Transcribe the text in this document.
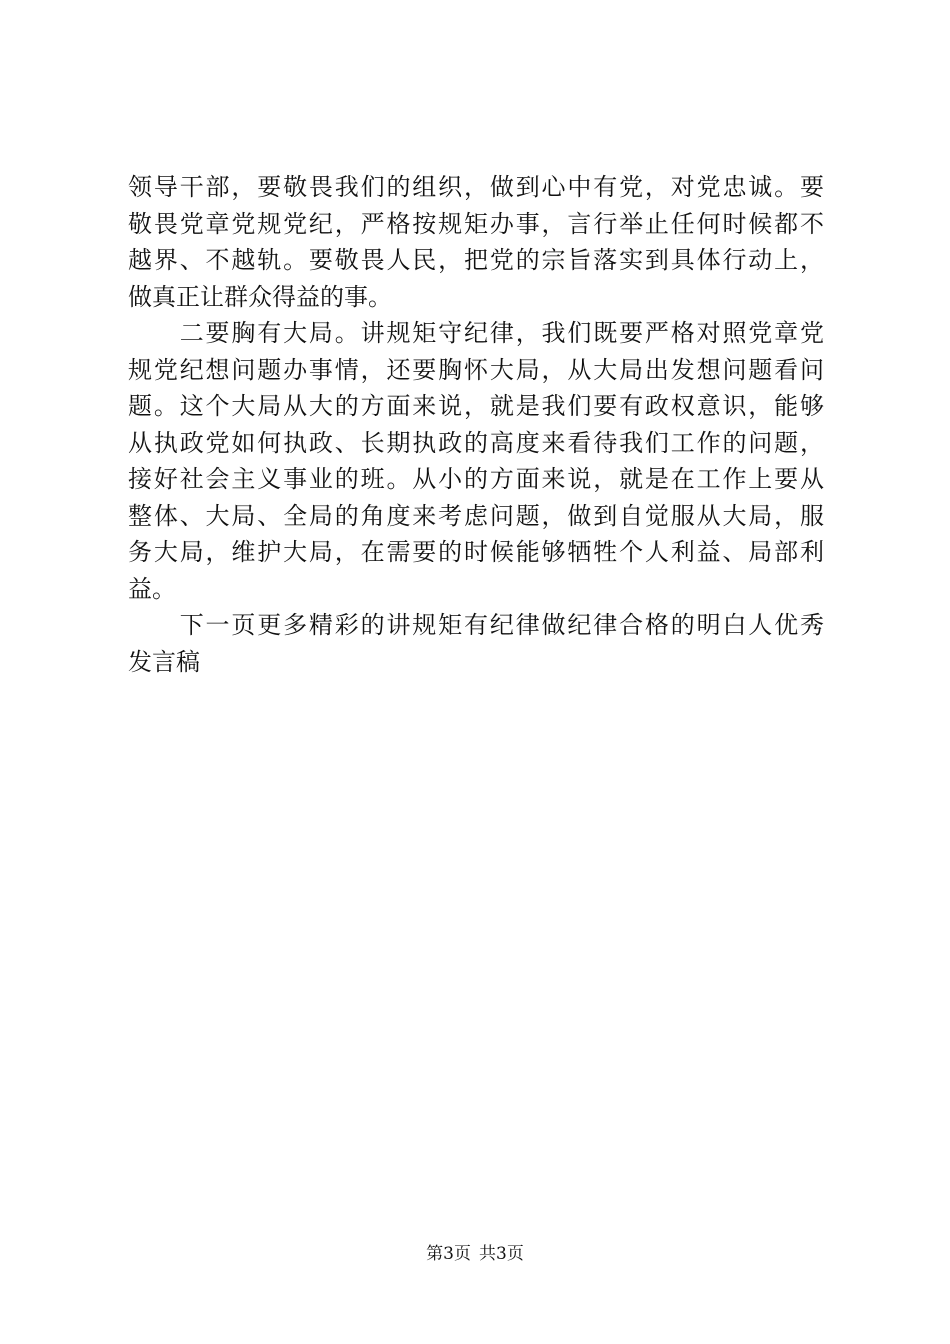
领导干部，要敬畏我们的组织，做到心中有党，对党忠诚。要
敬畏党章党规党纪，严格按规矩办事，言行举止任何时候都不
越界、不越轨。要敬畏人民，把党的宗旨落实到具体行动上，
做真正让群众得益的事。
　　二要胸有大局。讲规矩守纪律，我们既要严格对照党章党
规党纪想问题办事情，还要胸怀大局，从大局出发想问题看问
题。这个大局从大的方面来说，就是我们要有政权意识，能够
从执政党如何执政、长期执政的高度来看待我们工作的问题，
接好社会主义事业的班。从小的方面来说，就是在工作上要从
整体、大局、全局的角度来考虑问题，做到自觉服从大局，服
务大局，维护大局，在需要的时候能够牺牲个人利益、局部利
益。
　　下一页更多精彩的讲规矩有纪律做纪律合格的明白人优秀
发言稿
第3页 共3页
